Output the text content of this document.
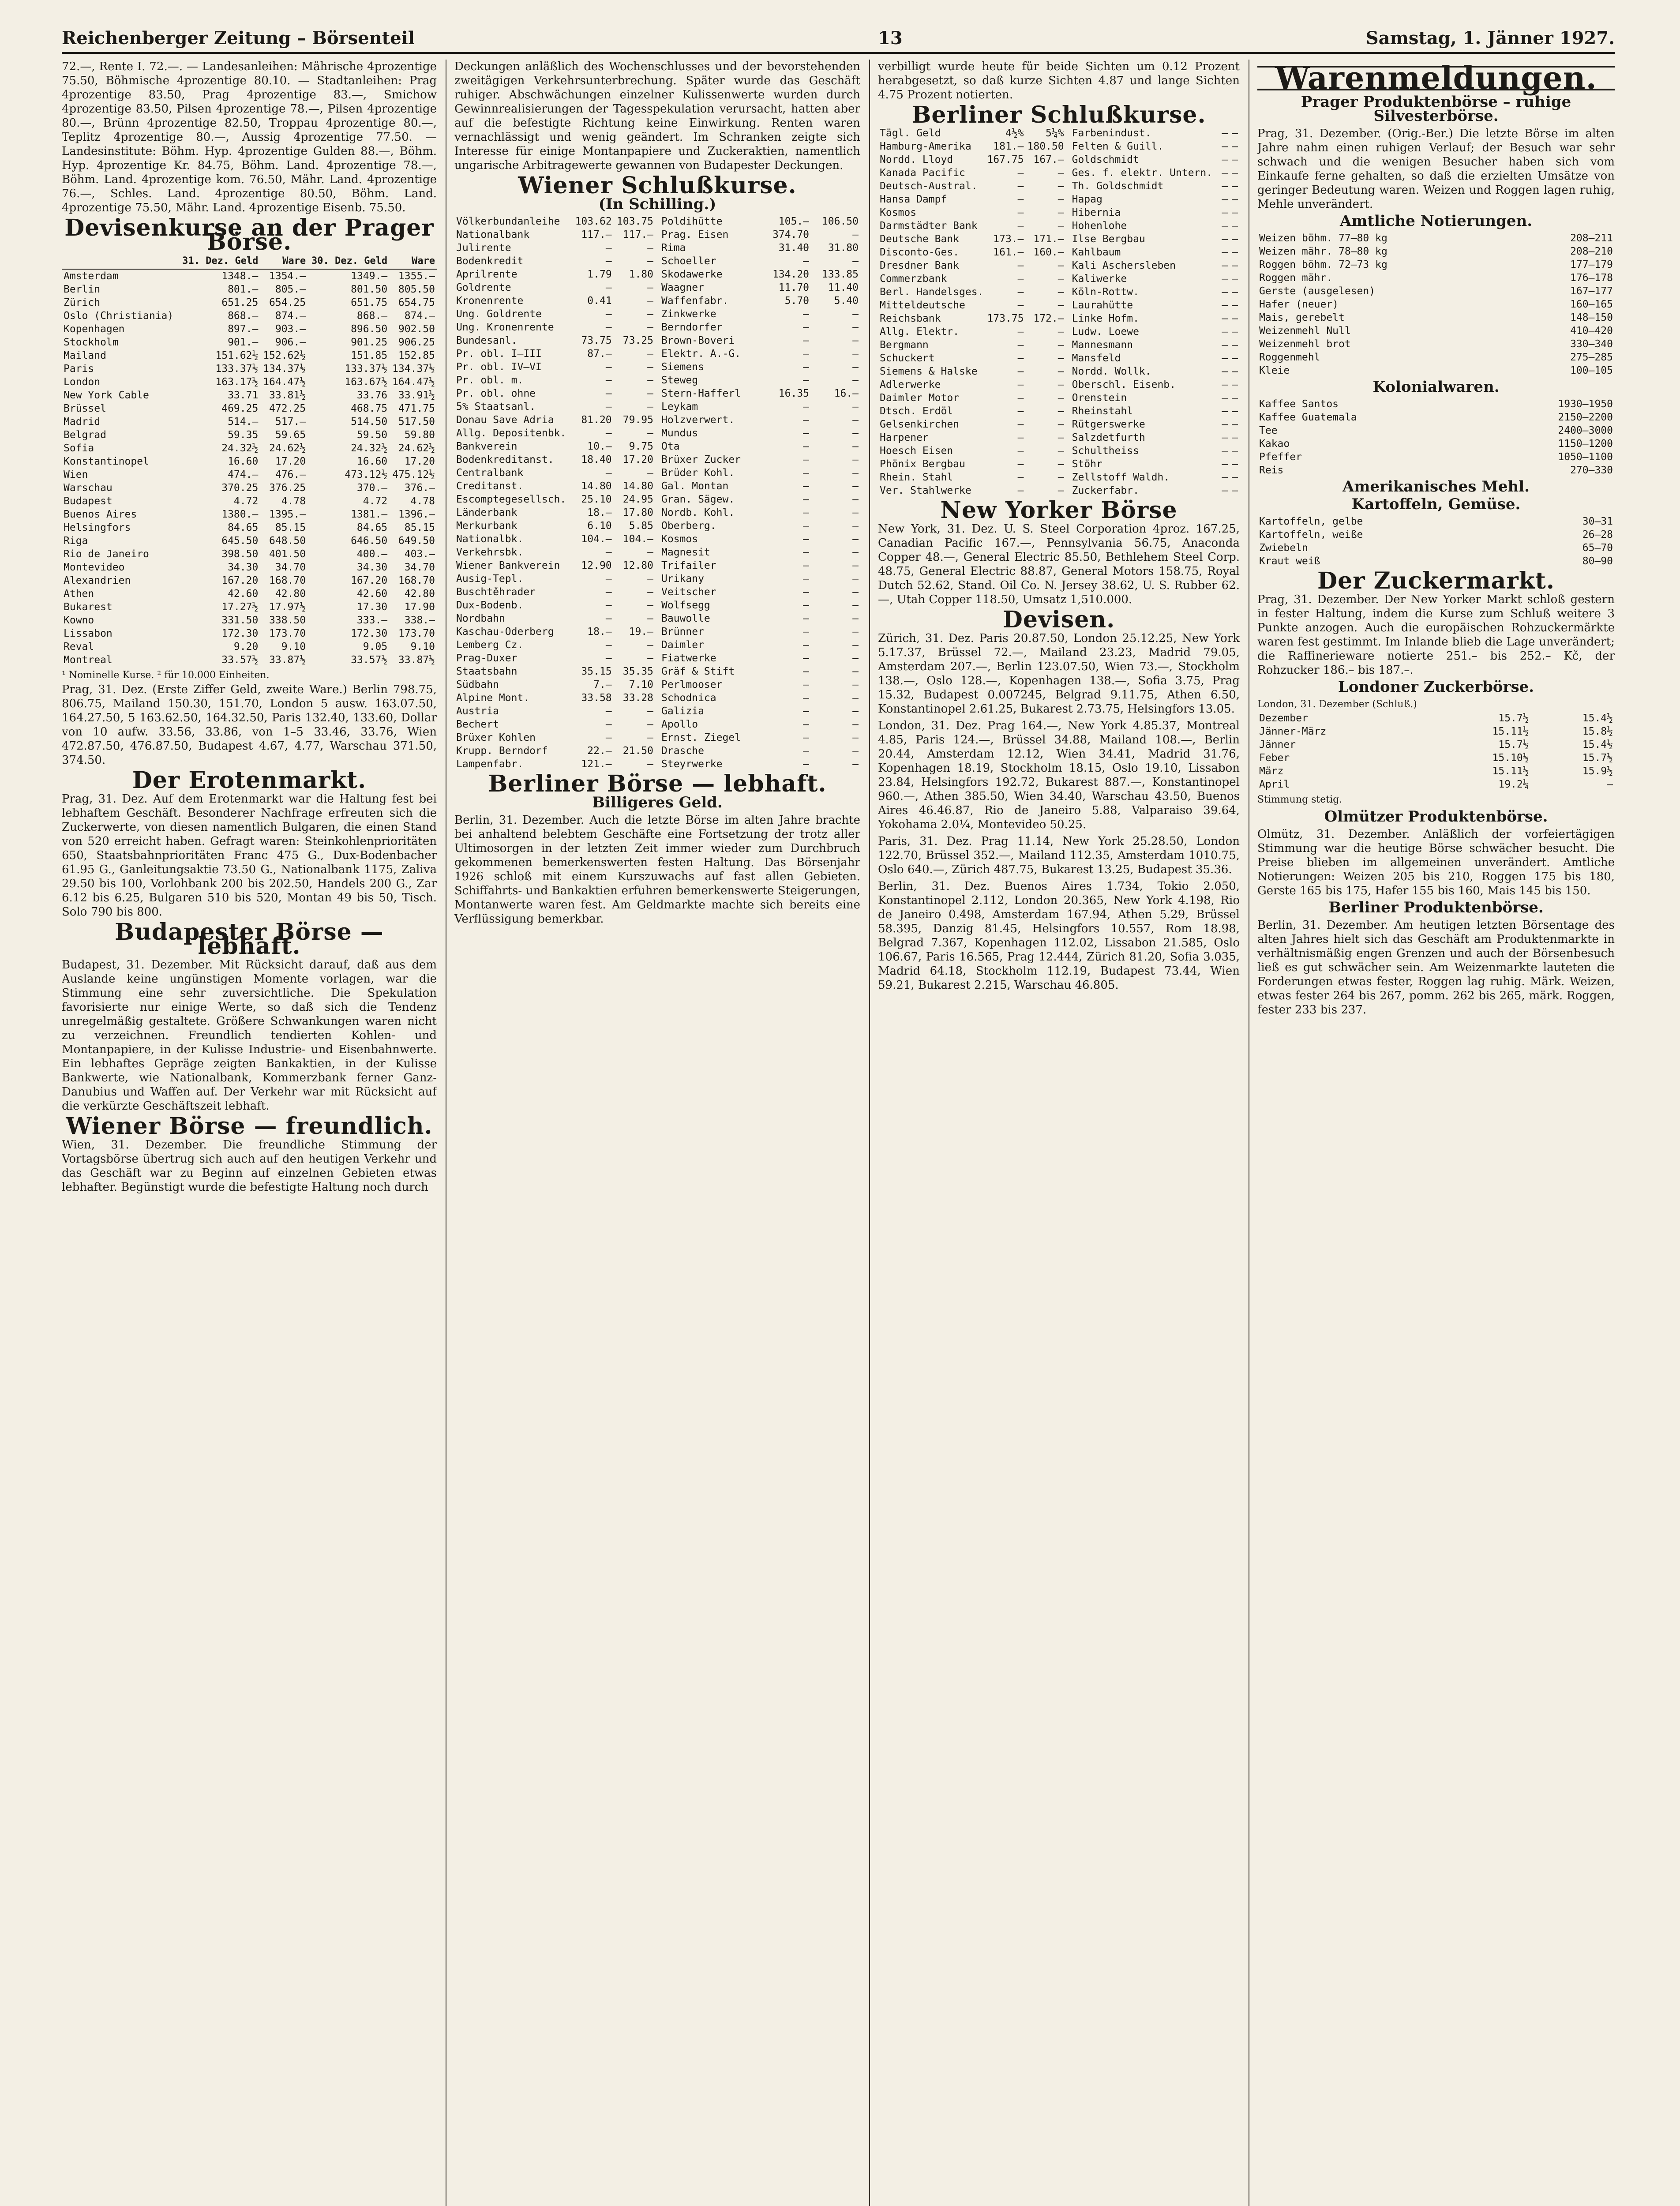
Reichenberger Zeitung – Börsenteil	13	Samstag, 1. Jänner 1927.

72.—, Rente I. 72.—. — Landesanleihen: Mährische 4prozentige 75.50, Böhmische 4prozentige 80.10. — Stadtanleihen: Prag 4prozentige 83.50, Prag 4prozentige 83.—, Smichow 4prozentige 83.50, Pilsen 4prozentige 78.—, Pilsen 4prozentige 80.—, Brünn 4prozentige 82.50, Troppau 4prozentige 80.—, Teplitz 4prozentige 80.—, Aussig 4prozentige 77.50. — Landesinstitute: Böhm. Hyp. 4prozentige Gulden 88.—, Böhm. Hyp. 4prozentige Kr. 84.75, Böhm. Land. 4prozentige 78.—, Böhm. Land. 4prozentige kom. 76.50, Mähr. Land. 4prozentige 76.—, Schles. Land. 4prozentige 80.50, Böhm. Land. 4prozentige 75.50, Mähr. Land. 4prozentige Eisenb. 75.50.

Devisenkurse an der Prager Börse.
	31. Dez. Geld	Ware	30. Dez. Geld	Ware
Amsterdam	1348.—	1354.—	1349.—	1355.—
Berlin	801.—	805.—	801.50	805.50
Zürich	651.25	654.25	651.75	654.75
Oslo (Christiania)	868.—	874.—	868.—	874.—
Kopenhagen	897.—	903.—	896.50	902.50
Stockholm	901.—	906.—	901.25	906.25
Mailand	151.62½	152.62½	151.85	152.85
Paris	133.37½	134.37½	133.37½	134.37½
London	163.17½	164.47½	163.67½	164.47½
New York Cable	33.71	33.81½	33.76	33.91½
Brüssel	469.25	472.25	468.75	471.75
Madrid	514.—	517.—	514.50	517.50
Belgrad	59.35	59.65	59.50	59.80
Sofia	24.32½	24.62½	24.32½	24.62½
Konstantinopel	16.60	17.20	16.60	17.20
Wien	474.—	476.—	473.12½	475.12½
Warschau	370.25	376.25	370.—	376.—
Budapest	4.72	4.78	4.72	4.78
Buenos Aires	1380.—	1395.—	1381.—	1396.—
Helsingfors	84.65	85.15	84.65	85.15
Riga	645.50	648.50	646.50	649.50
Rio de Janeiro	398.50	401.50	400.—	403.—
Montevideo	34.30	34.70	34.30	34.70
Alexandrien	167.20	168.70	167.20	168.70
Athen	42.60	42.80	42.60	42.80
Bukarest	17.27½	17.97½	17.30	17.90
Kowno	331.50	338.50	333.—	338.—
Lissabon	172.30	173.70	172.30	173.70
Reval	9.20	9.10	9.05	9.10
Montreal	33.57½	33.87½	33.57½	33.87½
¹ Nominelle Kurse. ² für 10.000 Einheiten.

Prag, 31. Dez. (Erste Ziffer Geld, zweite Ware.) Berlin 798.75, 806.75, Mailand 150.30, 151.70, London 5 ausw. 163.07.50, 164.27.50, 5 163.62.50, 164.32.50, Paris 132.40, 133.60, Dollar von 10 aufw. 33.56, 33.86, von 1–5 33.46, 33.76, Wien 472.87.50, 476.87.50, Budapest 4.67, 4.77, Warschau 371.50, 374.50.

Der Erotenmarkt.

Prag, 31. Dez. Auf dem Erotenmarkt war die Haltung fest bei lebhaftem Geschäft. Besonderer Nachfrage erfreuten sich die Zuckerwerte, von diesen namentlich Bulgaren, die einen Stand von 520 erreicht haben. Gefragt waren: Steinkohlenprioritäten 650, Staatsbahnprioritäten Franc 475 G., Dux-Bodenbacher 61.95 G., Ganleitungsaktie 73.50 G., Nationalbank 1175, Zaliva 29.50 bis 100, Vorlohbank 200 bis 202.50, Handels 200 G., Zar 6.12 bis 6.25, Bulgaren 510 bis 520, Montan 49 bis 50, Tisch. Solo 790 bis 800.

Budapester Börse — lebhaft.

Budapest, 31. Dezember. Mit Rücksicht darauf, daß aus dem Auslande keine ungünstigen Momente vorlagen, war die Stimmung eine sehr zuversichtliche. Die Spekulation favorisierte nur einige Werte, so daß sich die Tendenz unregelmäßig gestaltete. Größere Schwankungen waren nicht zu verzeichnen. Freundlich tendierten Kohlen- und Montanpapiere, in der Kulisse Industrie- und Eisenbahnwerte. Ein lebhaftes Gepräge zeigten Bankaktien, in der Kulisse Bankwerte, wie Nationalbank, Kommerzbank ferner Ganz-Danubius und Waffen auf. Der Verkehr war mit Rücksicht auf die verkürzte Geschäftszeit lebhaft.

Wiener Börse — freundlich.

Wien, 31. Dezember. Die freundliche Stimmung der Vortagsbörse übertrug sich auch auf den heutigen Verkehr und das Geschäft war zu Beginn auf einzelnen Gebieten etwas lebhafter. Begünstigt wurde die befestigte Haltung noch durch

Deckungen anläßlich des Wochenschlusses und der bevorstehenden zweitägigen Verkehrsunterbrechung. Später wurde das Geschäft ruhiger. Abschwächungen einzelner Kulissenwerte wurden durch Gewinnrealisierungen der Tagesspekulation verursacht, hatten aber auf die befestigte Richtung keine Einwirkung. Renten waren vernachlässigt und wenig geändert. Im Schranken zeigte sich Interesse für einige Montanpapiere und Zuckeraktien, namentlich ungarische Arbitragewerte gewannen von Budapester Deckungen.

Wiener Schlußkurse.
(In Schilling.)
Völkerbundanleihe	103.62	103.75
Nationalbank	117.—	117.—
Julirente	—	—
Bodenkredit	—	—
Aprilrente	1.79	1.80
Goldrente	—	—
Kronenrente	0.41	—
Ung. Goldrente	—	—
Ung. Kronenrente	—	—
Bundesanl.	73.75	73.25
Pr. obl. I–III	87.—	—
Pr. obl. IV–VI	—	—
Pr. obl. m.	—	—
Pr. obl. ohne	—	—
5% Staatsanl.	—	—
Donau Save Adria	81.20	79.95
Allg. Depositenbk.	—	—
Bankverein	10.—	9.75
Bodenkreditanst.	18.40	17.20
Centralbank	—	—
Creditanst.	14.80	14.80
Escomptegesellsch.	25.10	24.95
Länderbank	18.—	17.80
Merkurbank	6.10	5.85
Nationalbk.	104.—	104.—
Verkehrsbk.	—	—
Wiener Bankverein	12.90	12.80
Ausig-Tepl.	—	—
Buschtěhrader	—	—
Dux-Bodenb.	—	—
Nordbahn	—	—
Kaschau-Oderberg	18.—	19.—
Lemberg Cz.	—	—
Prag-Duxer	—	—
Staatsbahn	35.15	35.35
Südbahn	7.—	7.10
Alpine Mont.	33.58	33.28
Austria	—	—
Bechert	—	—
Brüxer Kohlen	—	—
Krupp. Berndorf	22.—	21.50
Lampenfabr.	121.—	—
Poldihütte	105.—	106.50
Prag. Eisen	374.70	—
Rima	31.40	31.80
Schoeller	—	—
Skodawerke	134.20	133.85
Waagner	11.70	11.40
Waffenfabr.	5.70	5.40
Zinkwerke	—	—
Berndorfer	—	—
Brown-Boveri	—	—
Elektr. A.-G.	—	—
Siemens	—	—
Steweg	—	—
Stern-Hafferl	16.35	16.—
Leykam	—	—
Holzverwert.	—	—
Mundus	—	—
Ota	—	—
Brüxer Zucker	—	—
Brüder Kohl.	—	—
Gal. Montan	—	—
Gran. Sägew.	—	—
Nordb. Kohl.	—	—
Oberberg.	—	—
Kosmos	—	—
Magnesit	—	—
Trifailer	—	—
Urikany	—	—
Veitscher	—	—
Wolfsegg	—	—
Bauwolle	—	—
Brünner	—	—
Daimler	—	—
Fiatwerke	—	—
Gräf & Stift	—	—
Perlmooser	—	—
Schodnica	—	—
Galizia	—	—
Apollo	—	—
Ernst. Ziegel	—	—
Drasche	—	—
Steyrwerke	—	—
Berliner Börse — lebhaft.
Billigeres Geld.

Berlin, 31. Dezember. Auch die letzte Börse im alten Jahre brachte bei anhaltend belebtem Geschäfte eine Fortsetzung der trotz aller Ultimosorgen in der letzten Zeit immer wieder zum Durchbruch gekommenen bemerkenswerten festen Haltung. Das Börsenjahr 1926 schloß mit einem Kurszuwachs auf fast allen Gebieten. Schiffahrts- und Bankaktien erfuhren bemerkenswerte Steigerungen, Montanwerte waren fest. Am Geldmarkte machte sich bereits eine Verflüssigung bemerkbar.

verbilligt wurde heute für beide Sichten um 0.12 Prozent herabgesetzt, so daß kurze Sichten 4.87 und lange Sichten 4.75 Prozent notierten.

Berliner Schlußkurse.
Tägl. Geld	4½%	5¼%
Hamburg-Amerika	181.—	180.50
Nordd. Lloyd	167.75	167.—
Kanada Pacific	—	—
Deutsch-Austral.	—	—
Hansa Dampf	—	—
Kosmos	—	—
Darmstädter Bank	—	—
Deutsche Bank	173.—	171.—
Disconto-Ges.	161.—	160.—
Dresdner Bank	—	—
Commerzbank	—	—
Berl. Handelsges.	—	—
Mitteldeutsche	—	—
Reichsbank	173.75	172.—
Allg. Elektr.	—	—
Bergmann	—	—
Schuckert	—	—
Siemens & Halske	—	—
Adlerwerke	—	—
Daimler Motor	—	—
Dtsch. Erdöl	—	—
Gelsenkirchen	—	—
Harpener	—	—
Hoesch Eisen	—	—
Phönix Bergbau	—	—
Rhein. Stahl	—	—
Ver. Stahlwerke	—	—
Farbenindust.	—	—
Felten & Guill.	—	—
Goldschmidt	—	—
Ges. f. elektr. Untern.	—	—
Th. Goldschmidt	—	—
Hapag	—	—
Hibernia	—	—
Hohenlohe	—	—
Ilse Bergbau	—	—
Kahlbaum	—	—
Kali Aschersleben	—	—
Kaliwerke	—	—
Köln-Rottw.	—	—
Laurahütte	—	—
Linke Hofm.	—	—
Ludw. Loewe	—	—
Mannesmann	—	—
Mansfeld	—	—
Nordd. Wollk.	—	—
Oberschl. Eisenb.	—	—
Orenstein	—	—
Rheinstahl	—	—
Rütgerswerke	—	—
Salzdetfurth	—	—
Schultheiss	—	—
Stöhr	—	—
Zellstoff Waldh.	—	—
Zuckerfabr.	—	—
New Yorker Börse

New York, 31. Dez. U. S. Steel Corporation 4proz. 167.25, Canadian Pacific 167.—, Pennsylvania 56.75, Anaconda Copper 48.—, General Electric 85.50, Bethlehem Steel Corp. 48.75, General Electric 88.87, General Motors 158.75, Royal Dutch 52.62, Stand. Oil Co. N. Jersey 38.62, U. S. Rubber 62.—, Utah Copper 118.50, Umsatz 1,510.000.

Devisen.

Zürich, 31. Dez. Paris 20.87.50, London 25.12.25, New York 5.17.37, Brüssel 72.—, Mailand 23.23, Madrid 79.05, Amsterdam 207.—, Berlin 123.07.50, Wien 73.—, Stockholm 138.—, Oslo 128.—, Kopenhagen 138.—, Sofia 3.75, Prag 15.32, Budapest 0.007245, Belgrad 9.11.75, Athen 6.50, Konstantinopel 2.61.25, Bukarest 2.73.75, Helsingfors 13.05.

London, 31. Dez. Prag 164.—, New York 4.85.37, Montreal 4.85, Paris 124.—, Brüssel 34.88, Mailand 108.—, Berlin 20.44, Amsterdam 12.12, Wien 34.41, Madrid 31.76, Kopenhagen 18.19, Stockholm 18.15, Oslo 19.10, Lissabon 23.84, Helsingfors 192.72, Bukarest 887.—, Konstantinopel 960.—, Athen 385.50, Wien 34.40, Warschau 43.50, Buenos Aires 46.46.87, Rio de Janeiro 5.88, Valparaiso 39.64, Yokohama 2.0¼, Montevideo 50.25.

Paris, 31. Dez. Prag 11.14, New York 25.28.50, London 122.70, Brüssel 352.—, Mailand 112.35, Amsterdam 1010.75, Oslo 640.—, Zürich 487.75, Bukarest 13.25, Budapest 35.36.

Berlin, 31. Dez. Buenos Aires 1.734, Tokio 2.050, Konstantinopel 2.112, London 20.365, New York 4.198, Rio de Janeiro 0.498, Amsterdam 167.94, Athen 5.29, Brüssel 58.395, Danzig 81.45, Helsingfors 10.557, Rom 18.98, Belgrad 7.367, Kopenhagen 112.02, Lissabon 21.585, Oslo 106.67, Paris 16.565, Prag 12.444, Zürich 81.20, Sofia 3.035, Madrid 64.18, Stockholm 112.19, Budapest 73.44, Wien 59.21, Bukarest 2.215, Warschau 46.805.

Warenmeldungen.
Prager Produktenbörse – ruhige Silvesterbörse.

Prag, 31. Dezember. (Orig.-Ber.) Die letzte Börse im alten Jahre nahm einen ruhigen Verlauf; der Besuch war sehr schwach und die wenigen Besucher haben sich vom Einkaufe ferne gehalten, so daß die erzielten Umsätze von geringer Bedeutung waren. Weizen und Roggen lagen ruhig, Mehle unverändert.

Amtliche Notierungen.
Weizen böhm. 77–80 kg	208—211
Weizen mähr. 78–80 kg	208—210
Roggen böhm. 72–73 kg	177—179
Roggen mähr.	176—178
Gerste (ausgelesen)	167—177
Hafer (neuer)	160—165
Mais, gerebelt	148—150
Weizenmehl Null	410—420
Weizenmehl brot	330—340
Roggenmehl	275—285
Kleie	100—105
Kolonialwaren.
Kaffee Santos	1930—1950
Kaffee Guatemala	2150—2200
Tee	2400—3000
Kakao	1150—1200
Pfeffer	1050—1100
Reis	270—330
Amerikanisches Mehl.
Kartoffeln, Gemüse.
Kartoffeln, gelbe	30—31
Kartoffeln, weiße	26—28
Zwiebeln	65—70
Kraut weiß	80—90
Der Zuckermarkt.

Prag, 31. Dezember. Der New Yorker Markt schloß gestern in fester Haltung, indem die Kurse zum Schluß weitere 3 Punkte anzogen. Auch die europäischen Rohzuckermärkte waren fest gestimmt. Im Inlande blieb die Lage unverändert; die Raffinerieware notierte 251.– bis 252.– Kč, der Rohzucker 186.– bis 187.–.

Londoner Zuckerbörse.
London, 31. Dezember (Schluß.)
Dezember	15.7½	15.4½
Jänner-März	15.11½	15.8½
Jänner	15.7½	15.4½
Feber	15.10½	15.7½
März	15.11½	15.9½
April	19.2¼	—
Stimmung stetig.
Olmützer Produktenbörse.

Olmütz, 31. Dezember. Anläßlich der vorfeiertägigen Stimmung war die heutige Börse schwächer besucht. Die Preise blieben im allgemeinen unverändert. Amtliche Notierungen: Weizen 205 bis 210, Roggen 175 bis 180, Gerste 165 bis 175, Hafer 155 bis 160, Mais 145 bis 150.

Berliner Produktenbörse.

Berlin, 31. Dezember. Am heutigen letzten Börsentage des alten Jahres hielt sich das Geschäft am Produktenmarkte in verhältnismäßig engen Grenzen und auch der Börsenbesuch ließ es gut schwächer sein. Am Weizenmarkte lauteten die Forderungen etwas fester, Roggen lag ruhig. Märk. Weizen, etwas fester 264 bis 267, pomm. 262 bis 265, märk. Roggen, fester 233 bis 237.
